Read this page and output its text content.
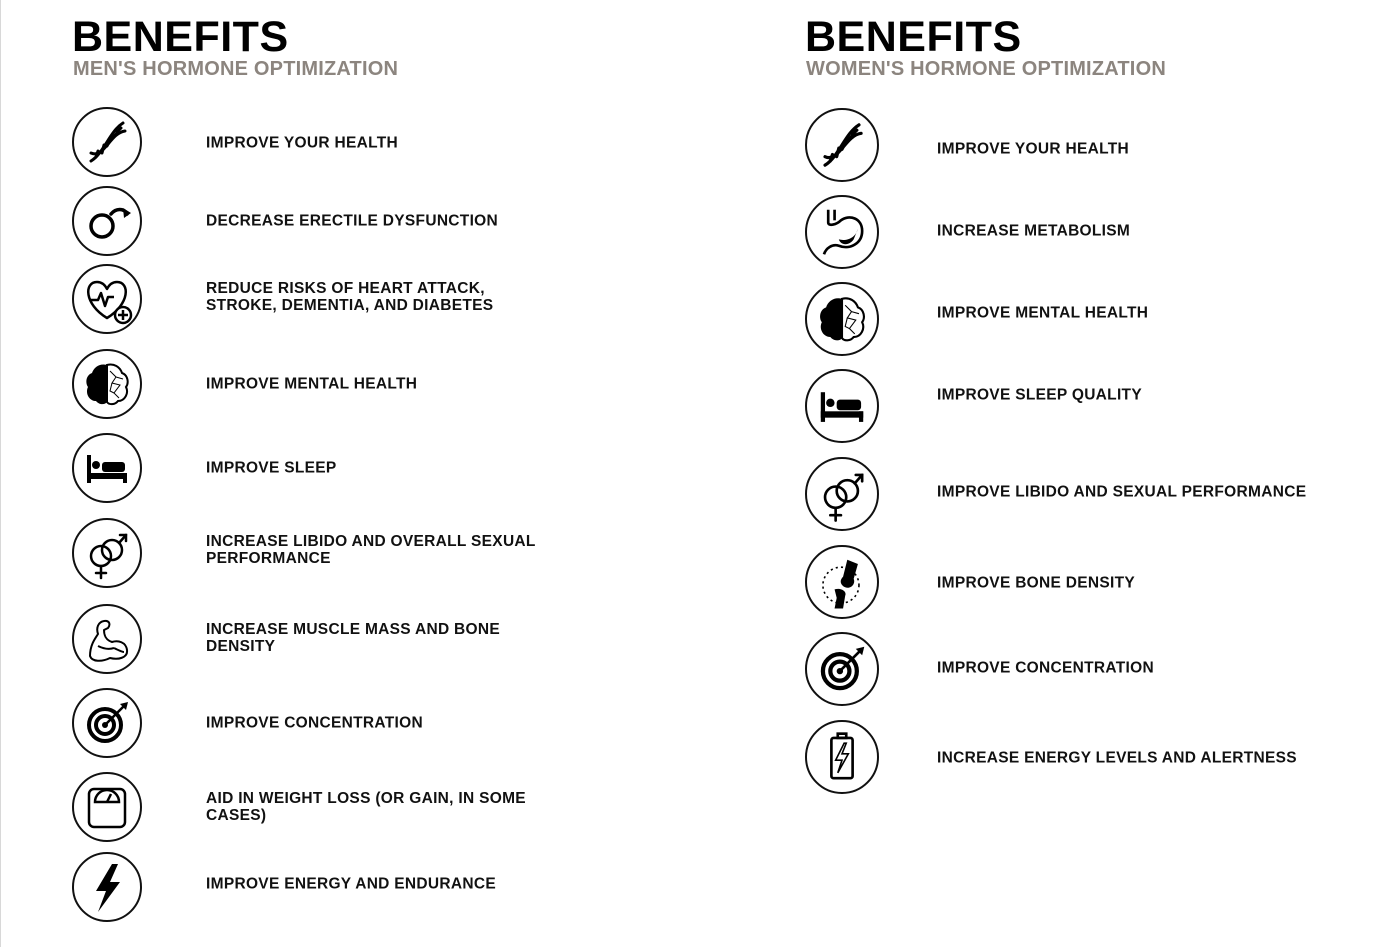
BENEFITS
MEN'S HORMONE OPTIMIZATION
IMPROVE YOUR HEALTH
DECREASE ERECTILE DYSFUNCTION
REDUCE RISKS OF HEART ATTACK, STROKE, DEMENTIA, AND DIABETES
IMPROVE MENTAL HEALTH
IMPROVE SLEEP
INCREASE LIBIDO AND OVERALL SEXUAL PERFORMANCE
INCREASE MUSCLE MASS AND BONE DENSITY
IMPROVE CONCENTRATION
AID IN WEIGHT LOSS (OR GAIN, IN SOME CASES)
IMPROVE ENERGY AND ENDURANCE
BENEFITS
WOMEN'S HORMONE OPTIMIZATION
IMPROVE YOUR HEALTH
INCREASE METABOLISM
IMPROVE MENTAL HEALTH
IMPROVE SLEEP QUALITY
IMPROVE LIBIDO AND SEXUAL PERFORMANCE
IMPROVE BONE DENSITY
IMPROVE CONCENTRATION
INCREASE ENERGY LEVELS AND ALERTNESS
